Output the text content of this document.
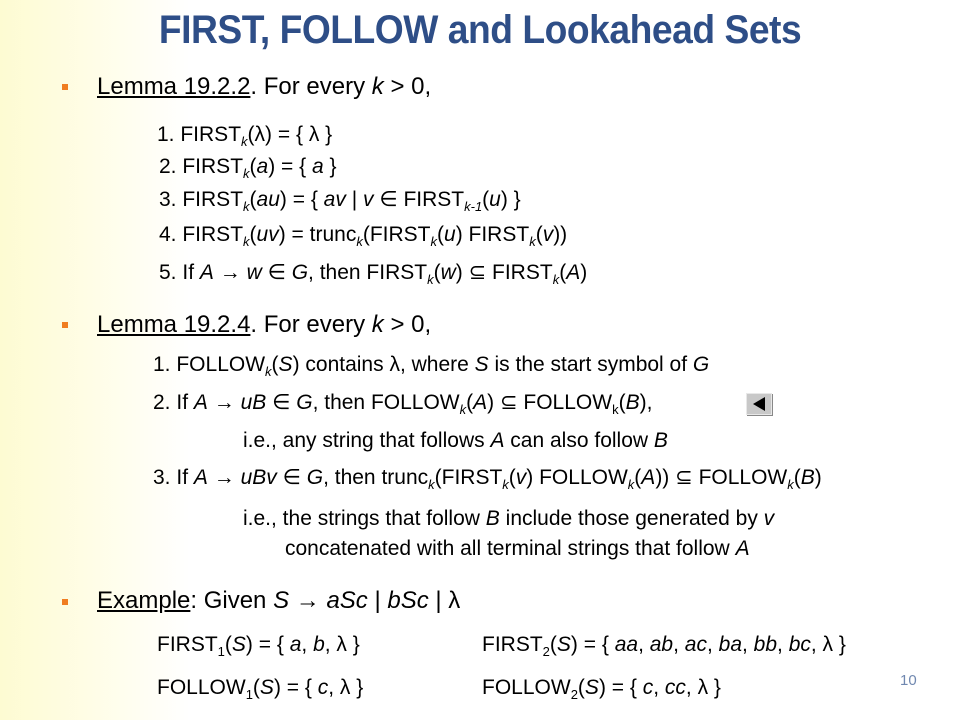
FIRST, FOLLOW and Lookahead Sets
Lemma 19.2.2. For every k > 0,
1. $FIRST_k(\lambda)$ = { λ }
2. $FIRST_k(a)$ = { a }
3. $FIRST_k(au)$ = { av | v ∈ $FIRST_{k-1}(u)$ }
4. $FIRST_k(uv)$ = $trunc_k(FIRST_k(u)$ $FIRST_k(v)$)
5. If A → w ∈ G, then $FIRST_k(w)$ ⊆ $FIRST_k(A)$
Lemma 19.2.4. For every k > 0,
1. $FOLLOW_k(S)$ contains λ, where S is the start symbol of G
2. If A → uB ∈ G, then $FOLLOW_k(A)$ ⊆ $FOLLOW_k(B)$,
i.e., any string that follows A can also follow B
3. If A → uBv ∈ G, then $trunc_k(FIRST_k(v)$ $FOLLOW_k(A)$) ⊆ $FOLLOW_k(B)$
i.e., the strings that follow B include those generated by v
concatenated with all terminal strings that follow A
Example: Given S → aSc | bSc | λ
$FIRST_1(S)$ = { a, b, λ }	$FIRST_2(S)$ = { aa, ab, ac, ba, bb, bc, λ }
$FOLLOW_1(S)$ = { c, λ }	$FOLLOW_2(S)$ = { c, cc, λ }	10
